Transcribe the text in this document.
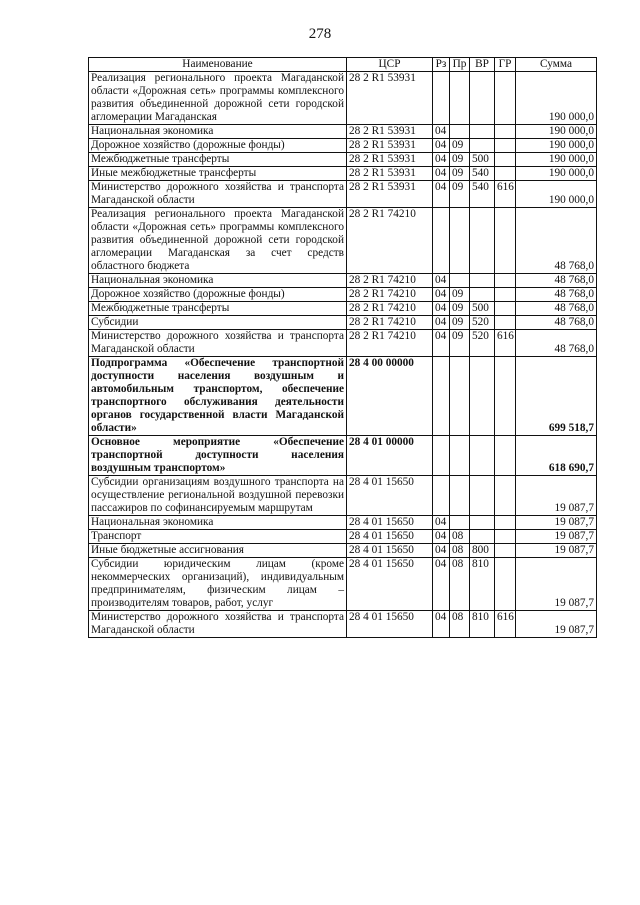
278
Наименование	ЦСР	Рз	Пр	ВР	ГР	Сумма
Реализация регионального проекта Магаданской области «Дорожная сеть» программы комплексного развития объединенной дорожной сети городской агломерации Магаданская	28 2 R1 53931					190 000,0
Национальная экономика	28 2 R1 53931	04				190 000,0
Дорожное хозяйство (дорожные фонды)	28 2 R1 53931	04	09			190 000,0
Межбюджетные трансферты	28 2 R1 53931	04	09	500		190 000,0
Иные межбюджетные трансферты	28 2 R1 53931	04	09	540		190 000,0
Министерство дорожного хозяйства и транспорта Магаданской области	28 2 R1 53931	04	09	540	616	190 000,0
Реализация регионального проекта Магаданской области «Дорожная сеть» программы комплексного развития объединенной дорожной сети городской агломерации Магаданская за счет средств областного бюджета	28 2 R1 74210					48 768,0
Национальная экономика	28 2 R1 74210	04				48 768,0
Дорожное хозяйство (дорожные фонды)	28 2 R1 74210	04	09			48 768,0
Межбюджетные трансферты	28 2 R1 74210	04	09	500		48 768,0
Субсидии	28 2 R1 74210	04	09	520		48 768,0
Министерство дорожного хозяйства и транспорта Магаданской области	28 2 R1 74210	04	09	520	616	48 768,0
Подпрограмма «Обеспечение транспортной доступности населения воздушным и автомобильным транспортом, обеспечение транспортного обслуживания деятельности органов государственной власти Магаданской области»	28 4 00 00000					699 518,7
Основное мероприятие «Обеспечение транспортной доступности населения воздушным транспортом»	28 4 01 00000					618 690,7
Субсидии организациям воздушного транспорта на осуществление региональной воздушной перевозки пассажиров по софинансируемым маршрутам	28 4 01 15650					19 087,7
Национальная экономика	28 4 01 15650	04				19 087,7
Транспорт	28 4 01 15650	04	08			19 087,7
Иные бюджетные ассигнования	28 4 01 15650	04	08	800		19 087,7
Субсидии юридическим лицам (кроме некоммерческих организаций), индивидуальным предпринимателям, физическим лицам – производителям товаров, работ, услуг	28 4 01 15650	04	08	810		19 087,7
Министерство дорожного хозяйства и транспорта Магаданской области	28 4 01 15650	04	08	810	616	19 087,7
